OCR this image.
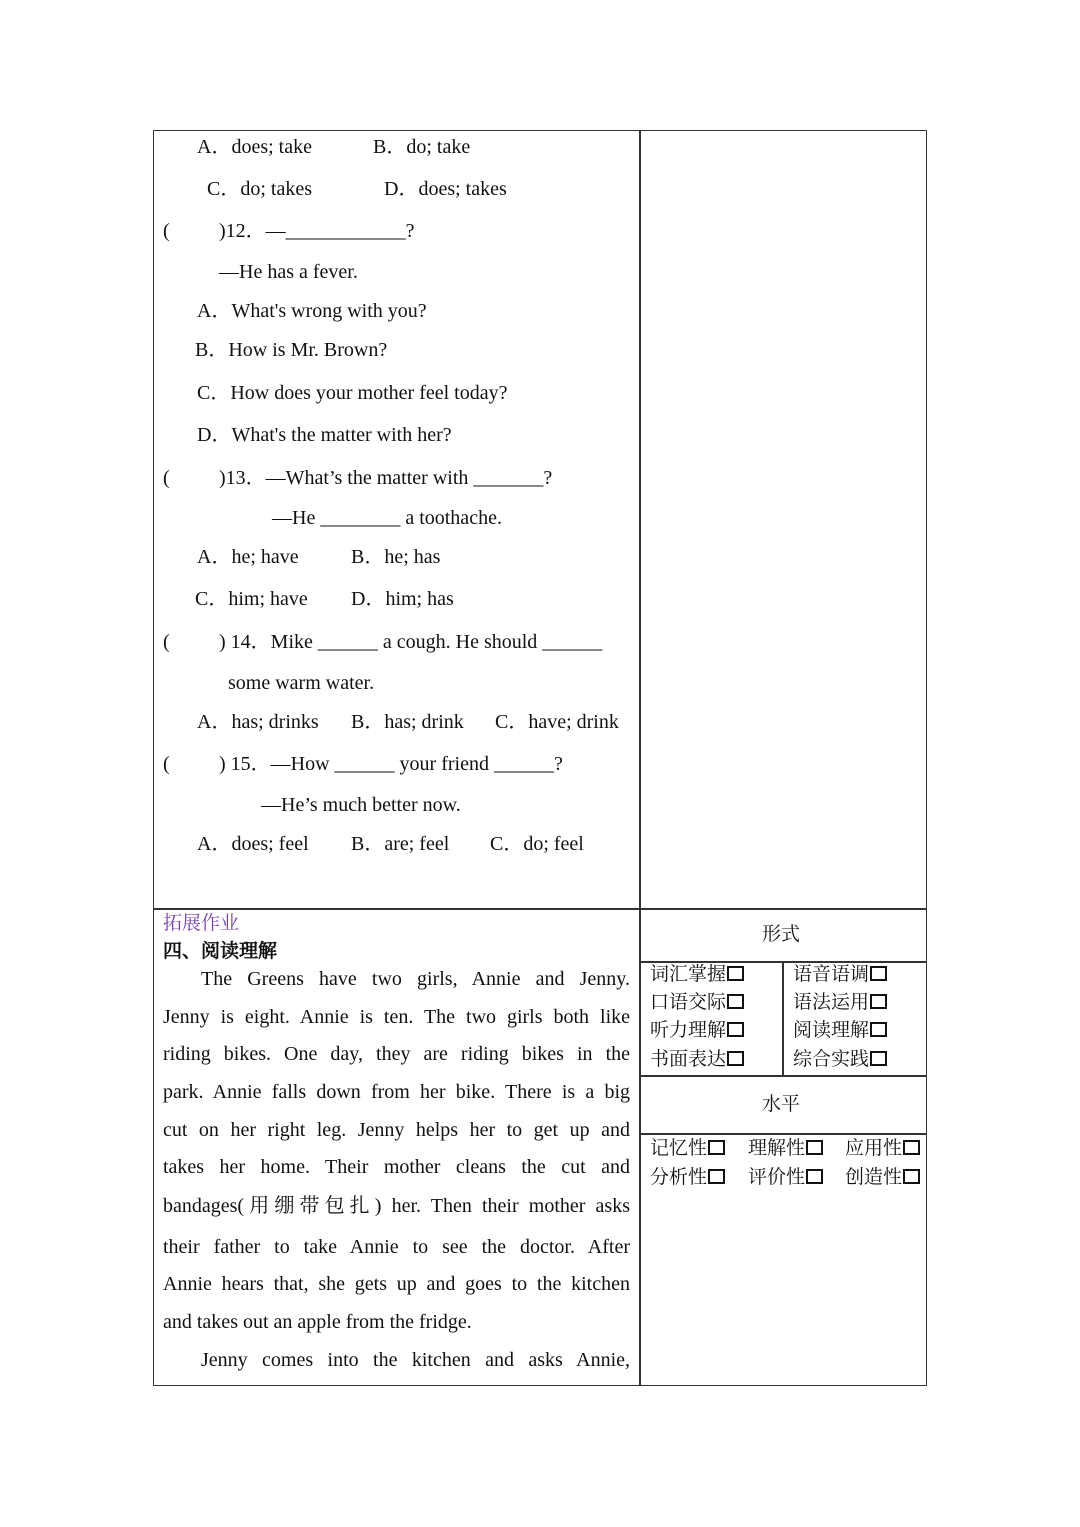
A．does; take	B．do; take
C．do; takes	D．does; takes
( )12．—____________?
—He has a fever.
A．What's wrong with you?
B．How is Mr. Brown?
C．How does your mother feel today?
D．What's the matter with her?
( )13．—What’s the matter with _______?
—He ________ a toothache.
A．he; have	B．he; has
C．him; have D．him; has
( ) 14．Mike ______ a cough. He should ______
some warm water.
A．has; drinks B．has; drink C．have; drink
( ) 15．—How ______ your friend ______?
—He’s much better now.
A．does; feel B．are; feel C．do; feel
拓展作业
四、阅读理解
The Greens have two girls, Annie and Jenny.
Jenny is eight. Annie is ten. The two girls both like
riding bikes. One day, they are riding bikes in the
park. Annie falls down from her bike. There is a big
cut on her right leg. Jenny helps her to get up and
takes her home. Their mother cleans the cut and
bandages(用绷带包扎) her. Then their mother asks
their father to take Annie to see the doctor. After
Annie hears that, she gets up and goes to the kitchen
and takes out an apple from the fridge.
Jenny comes into the kitchen and asks Annie,
形式
词汇掌握	语音语调
口语交际	语法运用
听力理解	阅读理解
书面表达	综合实践
水平
记忆性	理解性	应用性
分析性	评价性	创造性
